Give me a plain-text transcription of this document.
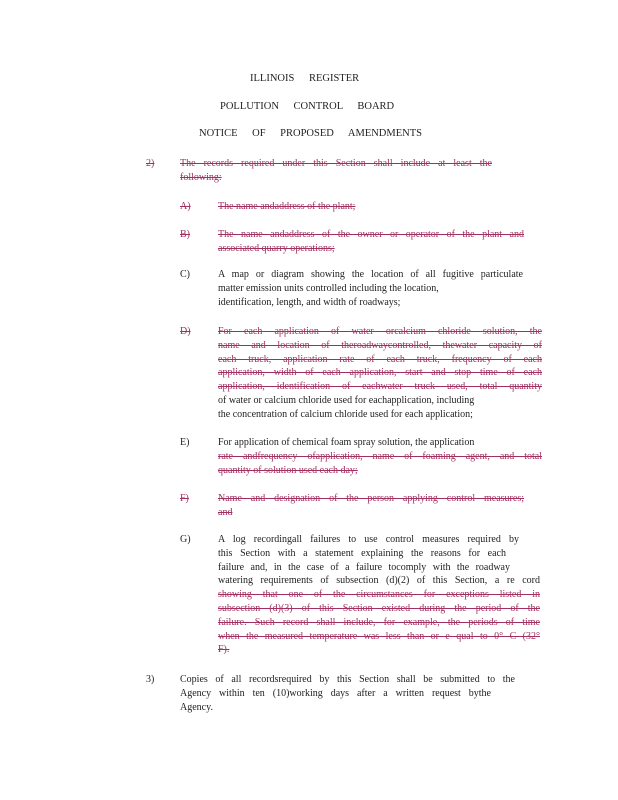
ILLINOIS REGISTER
POLLUTION CONTROL BOARD
NOTICE OF PROPOSED AMENDMENTS
2)	The records required under this Section shall include at least the
following:
A)	The name andaddress of the plant;
B)	The name andaddress of the owner or operator of the plant and
associated quarry operations;
C)	A map or diagram showing the location of all fugitive particulate
matter emission units controlled including the location,
identification, length, and width of roadways;
D)	For each application of water orcalcium chloride solution, the
name and location of theroadwaycontrolled, thewater capacity of
each truck, application rate of each truck, frequency of each
application, width of each application, start and stop time of each
application, identification of eachwater truck used, total quantity
of water or calcium chloride used for eachapplication, including
the concentration of calcium chloride used for each application;
E)	For application of chemical foam spray solution, the application
rate andfrequency ofapplication, name of foaming agent, and total
quantity of solution used each day;
F)	Name and designation of the person applying control measures;
and
G)	A log recordingall failures to use control measures required by
this Section with a statement explaining the reasons for each
failure and, in the case of a failure tocomply with the roadway
watering requirements of subsection (d)(2) of this Section, a re cord
showing that one of the circumstances for exceptions listed in
subsection (d)(3) of this Section existed during the period of the
failure. Such record shall include, for example, the periods of time
when the measured temperature was less than or e qual to 0° C (32°
F).
3)	Copies of all recordsrequired by this Section shall be submitted to the
Agency within ten (10)working days after a written request bythe
Agency.
